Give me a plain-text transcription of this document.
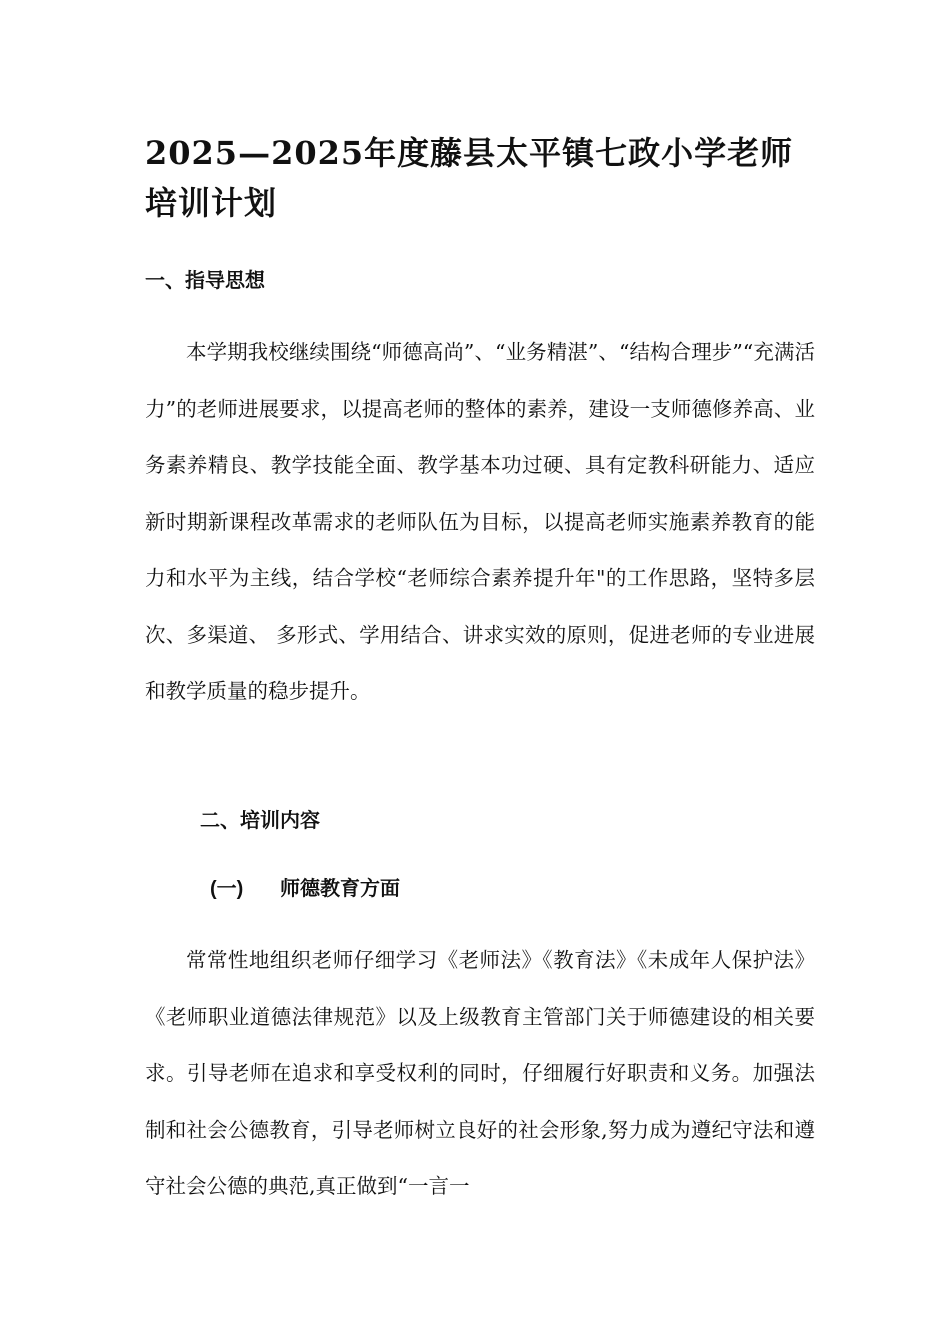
2025—2025年度藤县太平镇七政小学老师培训计划
一、指导思想

本学期我校继续围绕“师德高尚”、“业务精湛”、“结构合理步”“充满活力”的老师进展要求，以提高老师的整体的素养，建设一支师德修养高、业务素养精良、教学技能全面、教学基本功过硬、具有定教科研能力、适应新时期新课程改革需求的老师队伍为目标，以提高老师实施素养教育的能力和水平为主线，结合学校“老师综合素养提升年"的工作思路，坚特多层次、多渠道、 多形式、学用结合、讲求实效的原则，促进老师的专业进展和教学质量的稳步提升。

二、培训内容
(一) 师德教育方面

常常性地组织老师仔细学习《老师法》《教育法》《未成年人保护法》《老师职业道德法律规范》以及上级教育主管部门关于师德建设的相关要求。引导老师在追求和享受权利的同时，仔细履行好职责和义务。加强法制和社会公德教育，引导老师树立良好的社会形象,努力成为遵纪守法和遵守社会公德的典范,真正做到“一言一
